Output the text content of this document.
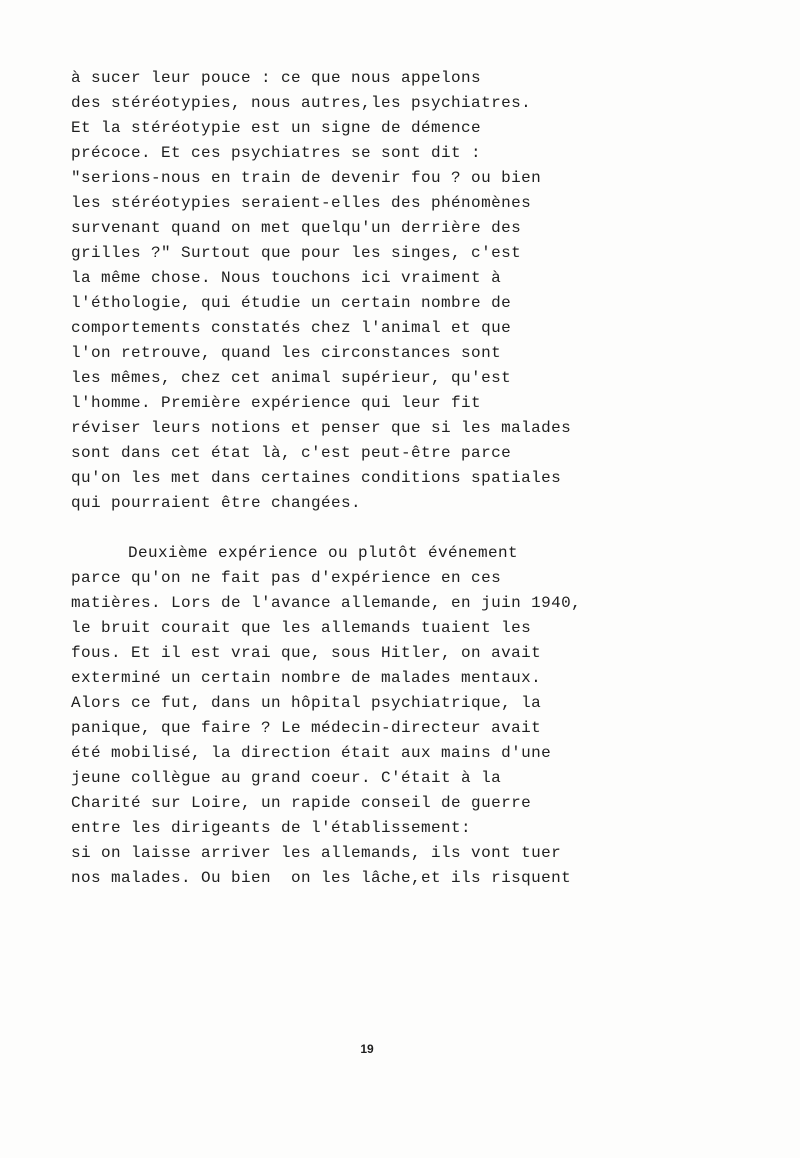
à sucer leur pouce : ce que nous appelons
des stéréotypies, nous autres,les psychiatres.
Et la stéréotypie est un signe de démence
précoce. Et ces psychiatres se sont dit :
"serions-nous en train de devenir fou ? ou bien
les stéréotypies seraient-elles des phénomènes
survenant quand on met quelqu'un derrière des
grilles ?" Surtout que pour les singes, c'est
la même chose. Nous touchons ici vraiment à
l'éthologie, qui étudie un certain nombre de
comportements constatés chez l'animal et que
l'on retrouve, quand les circonstances sont
les mêmes, chez cet animal supérieur, qu'est
l'homme. Première expérience qui leur fit
réviser leurs notions et penser que si les malades
sont dans cet état là, c'est peut-être parce
qu'on les met dans certaines conditions spatiales
qui pourraient être changées.
Deuxième expérience ou plutôt événement
parce qu'on ne fait pas d'expérience en ces
matières. Lors de l'avance allemande, en juin 1940,
le bruit courait que les allemands tuaient les
fous. Et il est vrai que, sous Hitler, on avait
exterminé un certain nombre de malades mentaux.
Alors ce fut, dans un hôpital psychiatrique, la
panique, que faire ? Le médecin-directeur avait
été mobilisé, la direction était aux mains d'une
jeune collègue au grand coeur. C'était à la
Charité sur Loire, un rapide conseil de guerre
entre les dirigeants de l'établissement:
si on laisse arriver les allemands, ils vont tuer
nos malades. Ou bien  on les lâche,et ils risquent
19
